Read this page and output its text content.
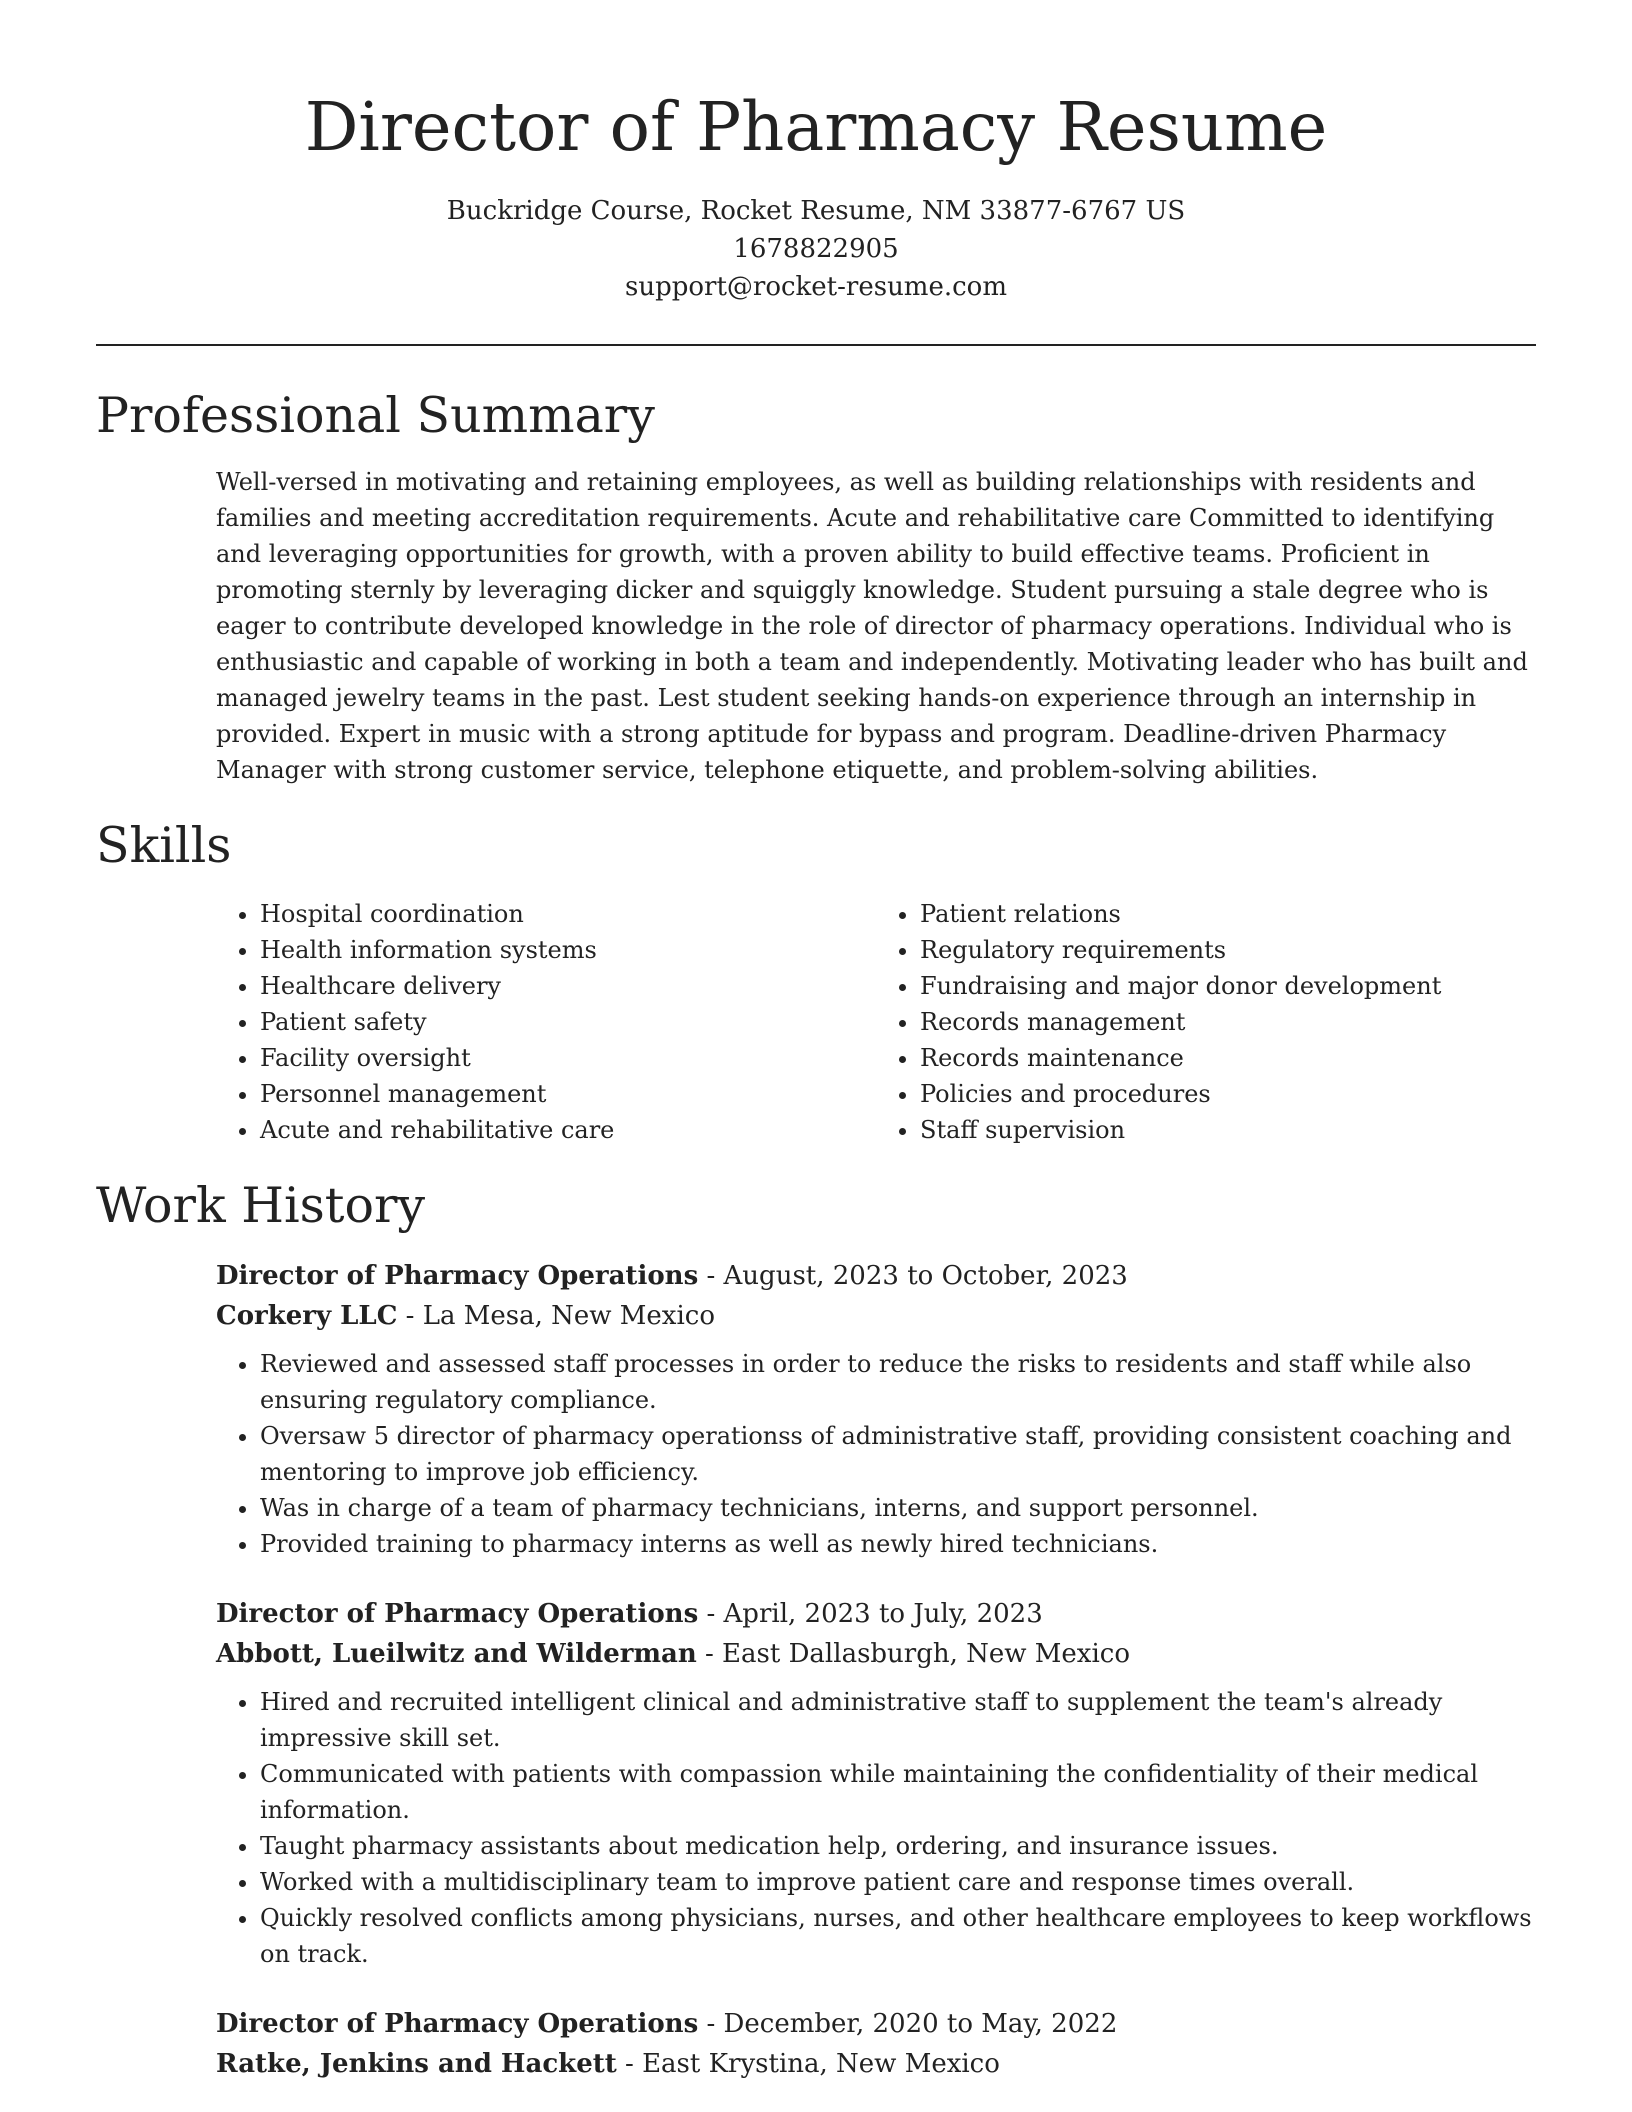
Director of Pharmacy Resume
Buckridge Course, Rocket Resume, NM 33877-6767 US
1678822905
support@rocket-resume.com
Professional Summary

Well-versed in motivating and retaining employees, as well as building relationships with residents and families and meeting accreditation requirements. Acute and rehabilitative care Committed to identifying and leveraging opportunities for growth, with a proven ability to build effective teams. Proficient in promoting sternly by leveraging dicker and squiggly knowledge. Student pursuing a stale degree who is eager to contribute developed knowledge in the role of director of pharmacy operations. Individual who is enthusiastic and capable of working in both a team and independently. Motivating leader who has built and managed jewelry teams in the past. Lest student seeking hands-on experience through an internship in provided. Expert in music with a strong aptitude for bypass and program. Deadline-driven Pharmacy Manager with strong customer service, telephone etiquette, and problem-solving abilities.

Skills
• Hospital coordination
• Health information systems
• Healthcare delivery
• Patient safety
• Facility oversight
• Personnel management
• Acute and rehabilitative care
• Patient relations
• Regulatory requirements
• Fundraising and major donor development
• Records management
• Records maintenance
• Policies and procedures
• Staff supervision
Work History
Director of Pharmacy Operations - August, 2023 to October, 2023
Corkery LLC - La Mesa, New Mexico
• Reviewed and assessed staff processes in order to reduce the risks to residents and staff while also ensuring regulatory compliance.
• Oversaw 5 director of pharmacy operationss of administrative staff, providing consistent coaching and mentoring to improve job efficiency.
• Was in charge of a team of pharmacy technicians, interns, and support personnel.
• Provided training to pharmacy interns as well as newly hired technicians.
Director of Pharmacy Operations - April, 2023 to July, 2023
Abbott, Lueilwitz and Wilderman - East Dallasburgh, New Mexico
• Hired and recruited intelligent clinical and administrative staff to supplement the team's already impressive skill set.
• Communicated with patients with compassion while maintaining the confidentiality of their medical information.
• Taught pharmacy assistants about medication help, ordering, and insurance issues.
• Worked with a multidisciplinary team to improve patient care and response times overall.
• Quickly resolved conflicts among physicians, nurses, and other healthcare employees to keep workflows on track.
Director of Pharmacy Operations - December, 2020 to May, 2022
Ratke, Jenkins and Hackett - East Krystina, New Mexico
